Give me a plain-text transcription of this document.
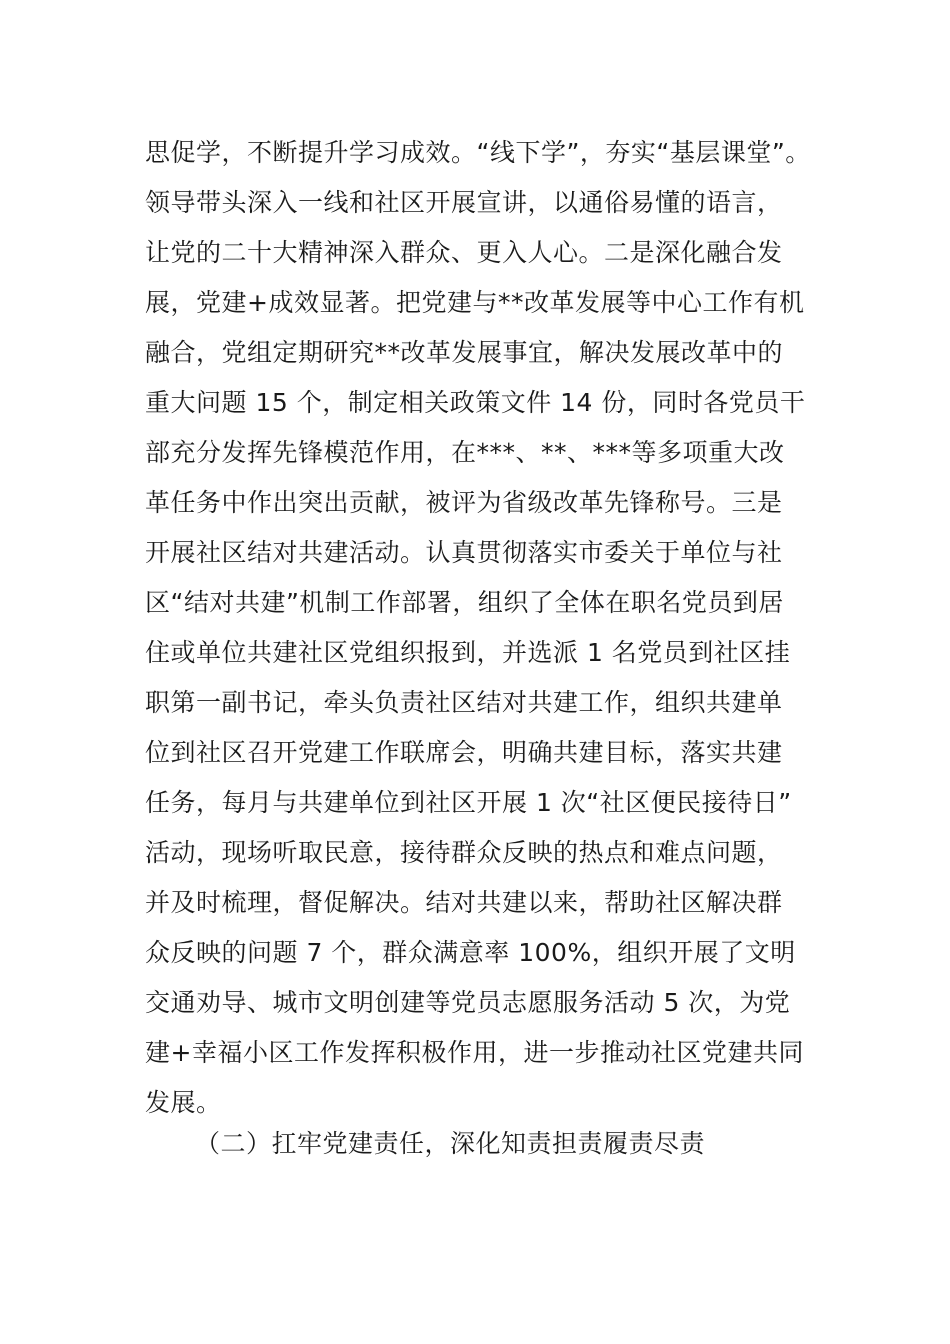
思促学，不断提升学习成效。“线下学”，夯实“基层课堂”。
领导带头深入一线和社区开展宣讲，以通俗易懂的语言，
让党的二十大精神深入群众、更入人心。二是深化融合发
展，党建+成效显著。把党建与**改革发展等中心工作有机
融合，党组定期研究**改革发展事宜，解决发展改革中的
重大问题 15 个，制定相关政策文件 14 份，同时各党员干
部充分发挥先锋模范作用，在***、**、***等多项重大改
革任务中作出突出贡献，被评为省级改革先锋称号。三是
开展社区结对共建活动。认真贯彻落实市委关于单位与社
区“结对共建”机制工作部署，组织了全体在职名党员到居
住或单位共建社区党组织报到，并选派 1 名党员到社区挂
职第一副书记，牵头负责社区结对共建工作，组织共建单
位到社区召开党建工作联席会，明确共建目标，落实共建
任务，每月与共建单位到社区开展 1 次“社区便民接待日”
活动，现场听取民意，接待群众反映的热点和难点问题，
并及时梳理，督促解决。结对共建以来，帮助社区解决群
众反映的问题 7 个，群众满意率 100%，组织开展了文明
交通劝导、城市文明创建等党员志愿服务活动 5 次，为党
建+幸福小区工作发挥积极作用，进一步推动社区党建共同
发展。
（二）扛牢党建责任，深化知责担责履责尽责
